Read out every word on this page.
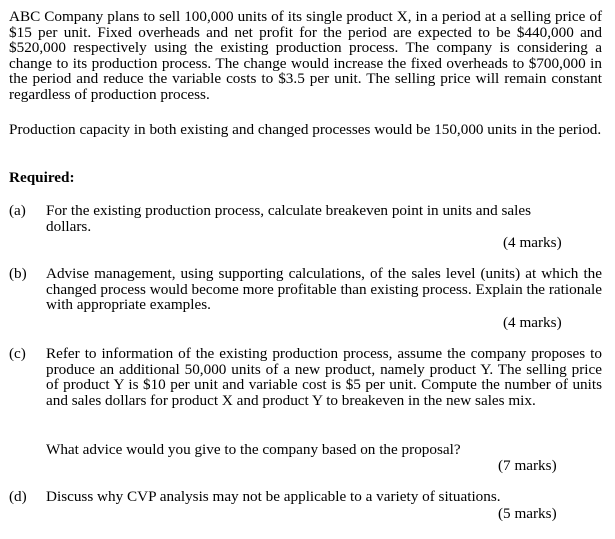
ABC Company plans to sell 100,000 units of its single product X, in a period at a selling price of $15 per unit. Fixed overheads and net profit for the period are expected to be $440,000 and $520,000 respectively using the existing production process. The company is considering a change to its production process. The change would increase the fixed overheads to $700,000 in the period and reduce the variable costs to $3.5 per unit. The selling price will remain constant regardless of production process.

Production capacity in both existing and changed processes would be 150,000 units in the period.

Required:

(a) For the existing production process, calculate breakeven point in units and sales dollars.

(4 marks)
(b) Advise management, using supporting calculations, of the sales level (units) at which the changed process would become more profitable than existing process. Explain the rationale with appropriate examples.

(4 marks)
(c) Refer to information of the existing production process, assume the company proposes to produce an additional 50,000 units of a new product, namely product Y. The selling price of product Y is $10 per unit and variable cost is $5 per unit. Compute the number of units and sales dollars for product X and product Y to breakeven in the new sales mix.

What advice would you give to the company based on the proposal?

(7 marks)
(d) Discuss why CVP analysis may not be applicable to a variety of situations.

(5 marks)
